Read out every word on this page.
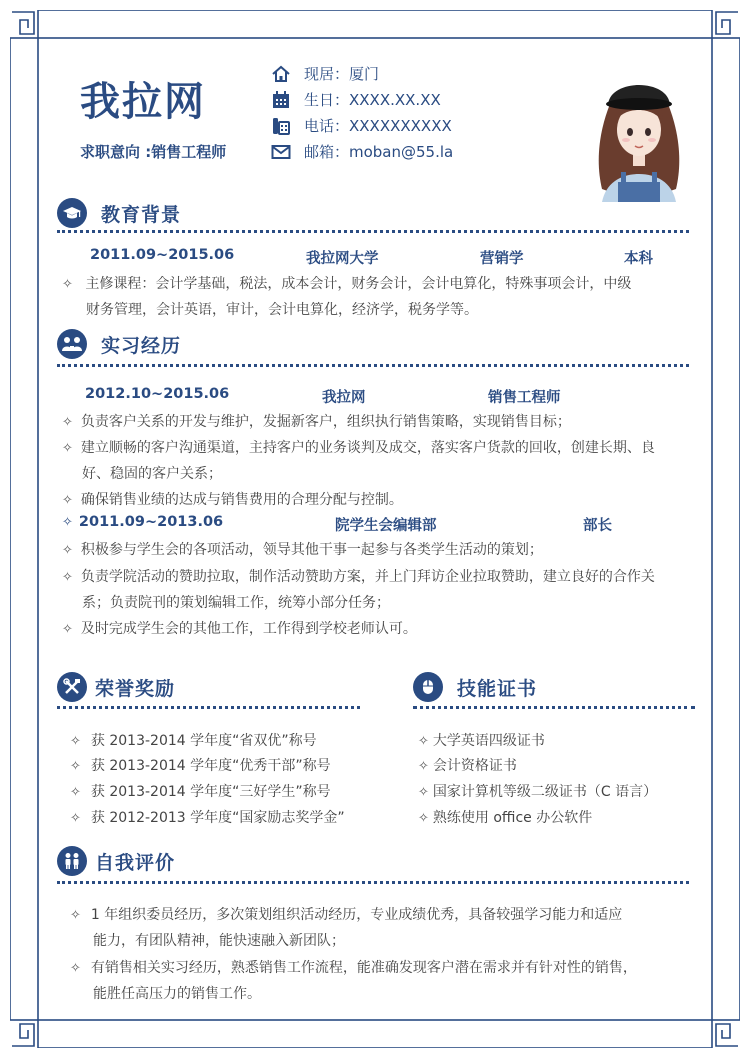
我拉网
求职意向 :销售工程师
现居：厦门
生日：XXXX.XX.XX
电话：XXXXXXXXXX
邮箱：moban@55.la
教育背景
2011.09~2015.06	我拉网大学	营销学	本科
✧ 主修课程：会计学基础，税法，成本会计，财务会计，会计电算化，特殊事项会计，中级
财务管理，会计英语，审计，会计电算化，经济学，税务学等。
实习经历
2012.10~2015.06	我拉网	销售工程师
✧ 负责客户关系的开发与维护，发掘新客户，组织执行销售策略，实现销售目标；
✧ 建立顺畅的客户沟通渠道，主持客户的业务谈判及成交，落实客户货款的回收，创建长期、良
好、稳固的客户关系；
✧ 确保销售业绩的达成与销售费用的合理分配与控制。
✧ 2011.09~2013.06	院学生会编辑部	部长
✧ 积极参与学生会的各项活动，领导其他干事一起参与各类学生活动的策划；
✧ 负责学院活动的赞助拉取，制作活动赞助方案，并上门拜访企业拉取赞助，建立良好的合作关
系；负责院刊的策划编辑工作，统筹小部分任务；
✧ 及时完成学生会的其他工作，工作得到学校老师认可。
荣誉奖励
✧ 获 2013-2014 学年度“省双优”称号
✧ 获 2013-2014 学年度“优秀干部”称号
✧ 获 2013-2014 学年度“三好学生”称号
✧ 获 2012-2013 学年度“国家励志奖学金”
技能证书
✧ 大学英语四级证书
✧ 会计资格证书
✧ 国家计算机等级二级证书（C 语言）
✧ 熟练使用 office 办公软件
自我评价
✧ 1 年组织委员经历，多次策划组织活动经历，专业成绩优秀，具备较强学习能力和适应
能力，有团队精神，能快速融入新团队；
✧ 有销售相关实习经历，熟悉销售工作流程，能准确发现客户潜在需求并有针对性的销售，
能胜任高压力的销售工作。
